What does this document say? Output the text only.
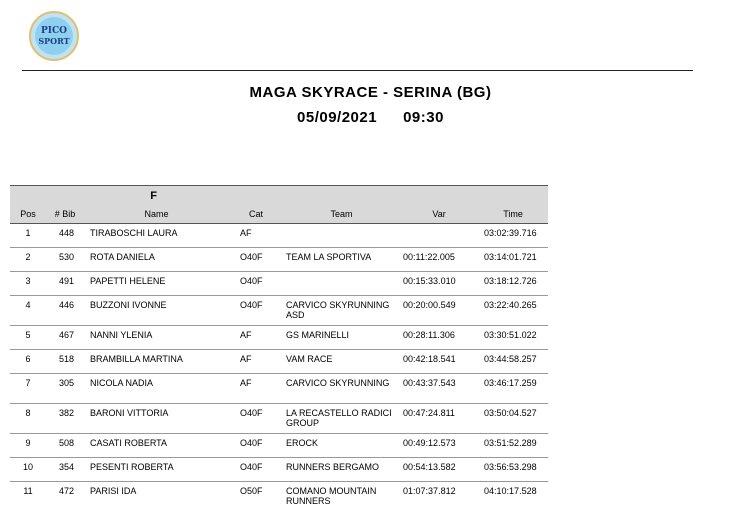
PICO
SPORT
MAGA SKYRACE - SERINA (BG)
05/09/2021 09:30
F						
Pos	# Bib	Name	Cat	Team	Var	Time
1	448	TIRABOSCHI LAURA	AF			03:02:39.716
2	530	ROTA DANIELA	O40F	TEAM LA SPORTIVA	00:11:22.005	03:14:01.721
3	491	PAPETTI HELENE	O40F		00:15:33.010	03:18:12.726
4	446	BUZZONI IVONNE	O40F	CARVICO SKYRUNNING ASD	00:20:00.549	03:22:40.265
5	467	NANNI YLENIA	AF	GS MARINELLI	00:28:11.306	03:30:51.022
6	518	BRAMBILLA MARTINA	AF	VAM RACE	00:42:18.541	03:44:58.257
7	305	NICOLA NADIA	AF	CARVICO SKYRUNNING	00:43:37.543	03:46:17.259
8	382	BARONI VITTORIA	O40F	LA RECASTELLO RADICI GROUP	00:47:24.811	03:50:04.527
9	508	CASATI ROBERTA	O40F	EROCK	00:49:12.573	03:51:52.289
10	354	PESENTI ROBERTA	O40F	RUNNERS BERGAMO	00:54:13.582	03:56:53.298
11	472	PARISI IDA	O50F	COMANO MOUNTAIN RUNNERS	01:07:37.812	04:10:17.528
